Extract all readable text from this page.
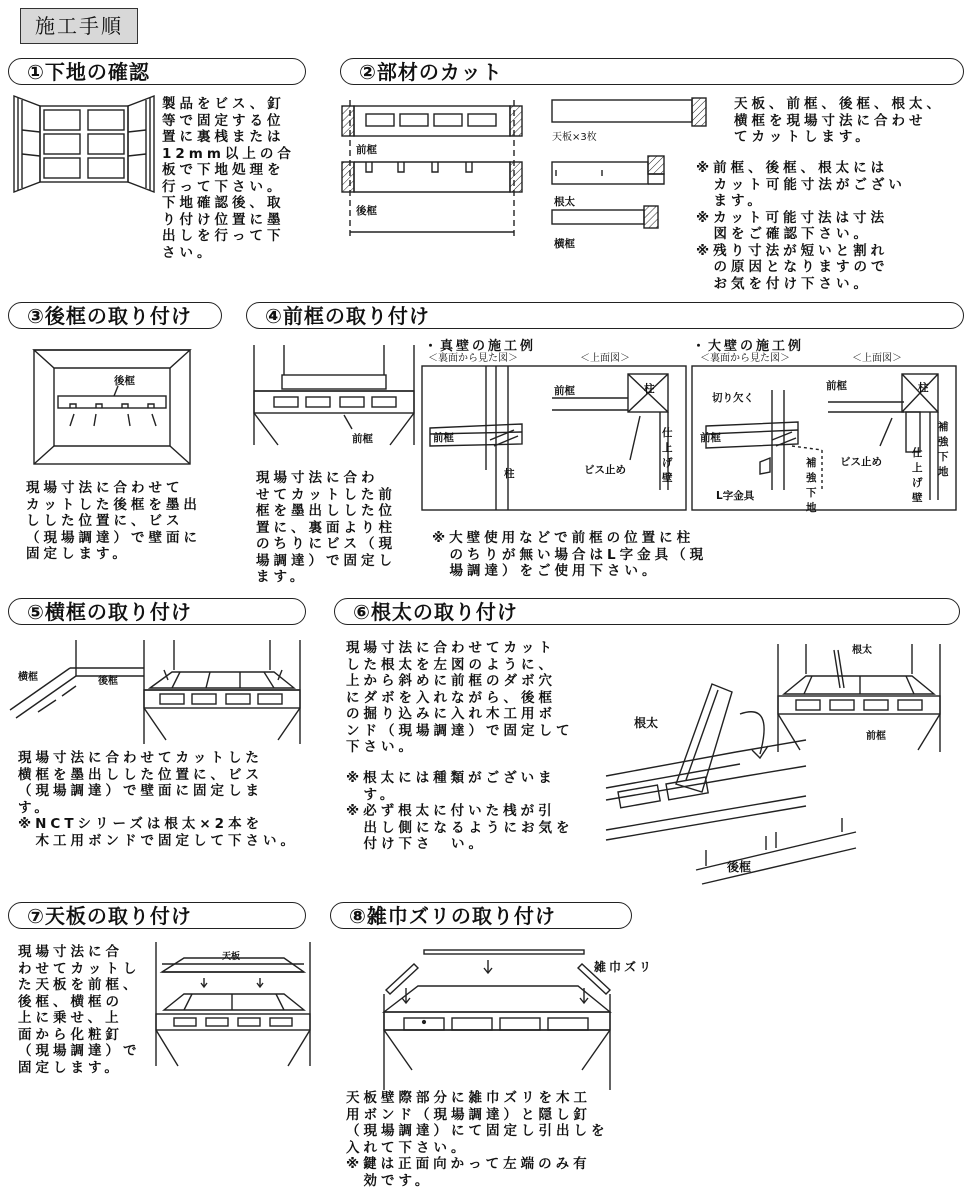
施工手順
①下地の確認
製品をビス、釘
等で固定する位
置に裏桟または
12mm以上の合
板で下地処理を
行って下さい。
下地確認後、取
り付け位置に墨
出しを行って下
さい。
②部材のカット
前框
後框
天板×3枚
根太
横框
天板、前框、後框、根太、
横框を現場寸法に合わせ
てカットします。
※前框、後框、根太には
　カット可能寸法がござい
　ます。
※カット可能寸法は寸法
　図をご確認下さい。
※残り寸法が短いと割れ
　の原因となりますので
　お気を付け下さい。
③後框の取り付け
後框
現場寸法に合わせて
カットした後框を墨出
しした位置に、ビス
（現場調達）で壁面に
固定します。
④前框の取り付け
前框
現場寸法に合わ
せてカットした前
框を墨出しした位
置に、裏面より柱
のちりにビス（現
場調達）で固定し
ます。
・真壁の施工例
＜裏面から見た図＞	＜上面図＞
前框
柱
前框	柱
ビス止め
仕
上
げ
壁
・大壁の施工例
＜裏面から見た図＞	＜上面図＞
切り欠く
前框
補
強
下
地
L字金具
前框	柱
補
強
下
地
ビス止め
仕
上
げ
壁
※大壁使用などで前框の位置に柱
　のちりが無い場合はL字金具（現
　場調達）をご使用下さい。
⑤横框の取り付け
横框	後框
現場寸法に合わせてカットした
横框を墨出しした位置に、ビス
（現場調達）で壁面に固定しま
す。
※NCTシリーズは根太×2本を
　木工用ボンドで固定して下さい。
⑥根太の取り付け
現場寸法に合わせてカット
した根太を左図のように、
上から斜めに前框のダボ穴
にダボを入れながら、後框
の掘り込みに入れ木工用ボ
ンド（現場調達）で固定して
下さい。
※根太には種類がございま
　す。
※必ず根太に付いた桟が引
　出し側になるようにお気を
　付け下さ　い。
根太
後框
根太
前框
⑦天板の取り付け
現場寸法に合
わせてカットし
た天板を前框、
後框、横框の
上に乗せ、上
面から化粧釘
（現場調達）で
固定します。
天板
⑧雑巾ズリの取り付け
雑巾ズリ
天板壁際部分に雑巾ズリを木工
用ボンド（現場調達）と隠し釘
（現場調達）にて固定し引出しを
入れて下さい。
※鍵は正面向かって左端のみ有
　効です。
